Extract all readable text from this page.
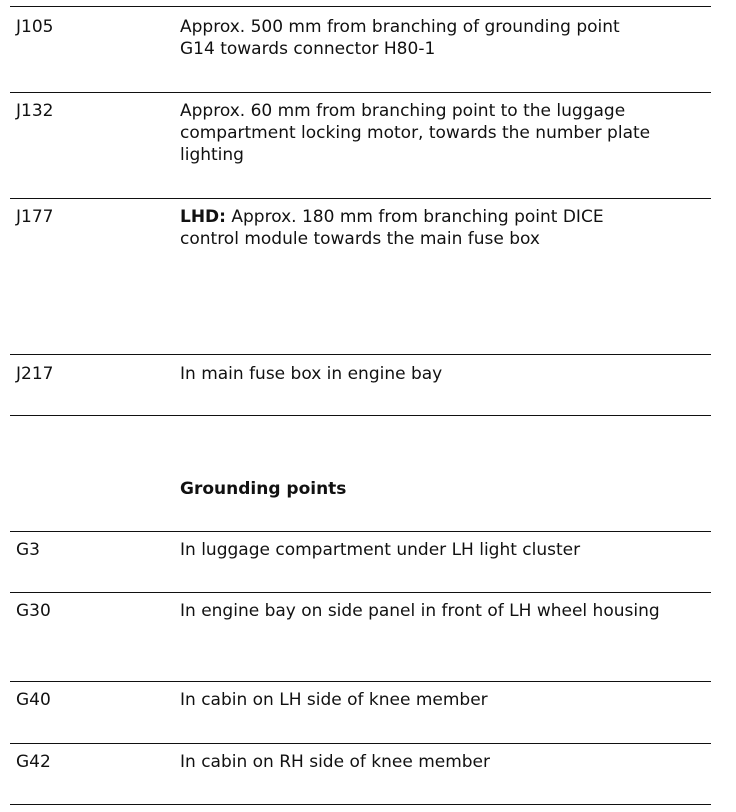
J105	Approx. 500 mm from branching of grounding point
G14 towards connector H80-1
J132	Approx. 60 mm from branching point to the luggage
compartment locking motor, towards the number plate
lighting
J177	LHD: Approx. 180 mm from branching point DICE
control module towards the main fuse box
J217	In main fuse box in engine bay
Grounding points
G3	In luggage compartment under LH light cluster
G30	In engine bay on side panel in front of LH wheel housing
G40	In cabin on LH side of knee member
G42	In cabin on RH side of knee member
